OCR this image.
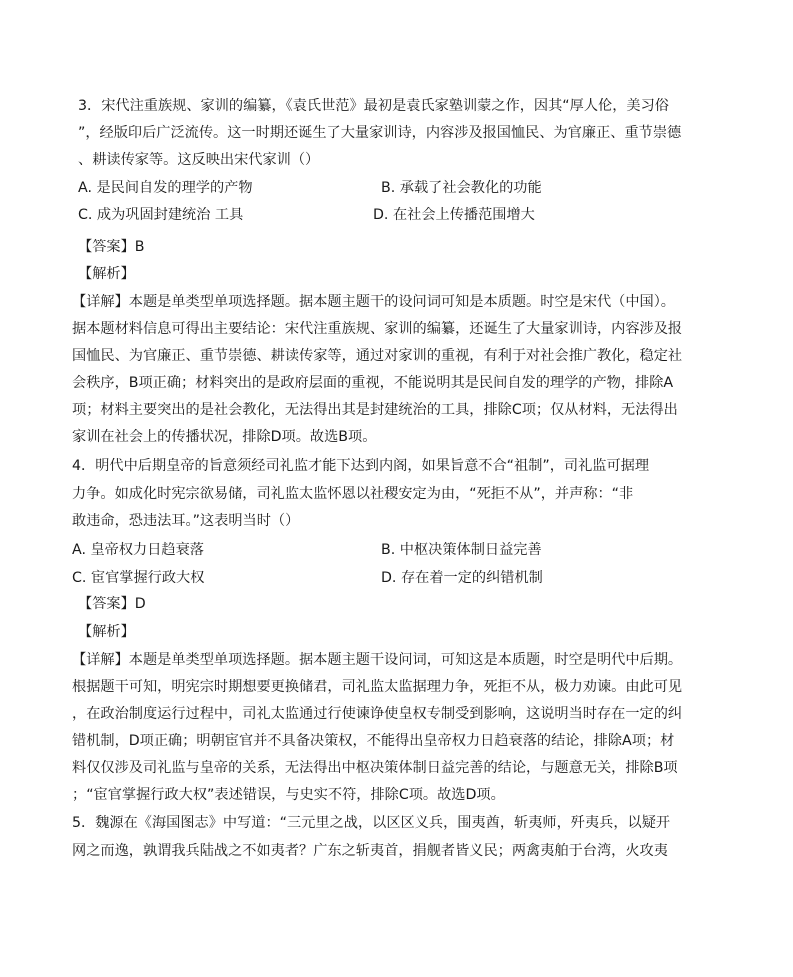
3．宋代注重族规、家训的编纂，《袁氏世范》最初是袁氏家塾训蒙之作，因其“厚人伦，美习俗
”，经版印后广泛流传。这一时期还诞生了大量家训诗，内容涉及报国恤民、为官廉正、重节崇德
、耕读传家等。这反映出宋代家训（）
A. 是民间自发的理学的产物	B. 承载了社会教化的功能
C. 成为巩固封建统治 工具	D. 在社会上传播范围增大
【答案】B
【解析】
【详解】本题是单类型单项选择题。据本题主题干的设问词可知是本质题。时空是宋代（中国）。
据本题材料信息可得出主要结论：宋代注重族规、家训的编纂，还诞生了大量家训诗，内容涉及报
国恤民、为官廉正、重节崇德、耕读传家等，通过对家训的重视，有利于对社会推广教化，稳定社
会秩序，B项正确；材料突出的是政府层面的重视，不能说明其是民间自发的理学的产物，排除A
项；材料主要突出的是社会教化，无法得出其是封建统治的工具，排除C项；仅从材料，无法得出
家训在社会上的传播状况，排除D项。故选B项。
4．明代中后期皇帝的旨意须经司礼监才能下达到内阁，如果旨意不合“祖制”，司礼监可据理
力争。如成化时宪宗欲易储，司礼监太监怀恩以社稷安定为由，“死拒不从”，并声称：“非
敢违命，恐违法耳。”这表明当时（）
A. 皇帝权力日趋衰落	B. 中枢决策体制日益完善
C. 宦官掌握行政大权	D. 存在着一定的纠错机制
【答案】D
【解析】
【详解】本题是单类型单项选择题。据本题主题干设问词，可知这是本质题，时空是明代中后期。
根据题干可知，明宪宗时期想要更换储君，司礼监太监据理力争，死拒不从，极力劝谏。由此可见
，在政治制度运行过程中，司礼太监通过行使谏诤使皇权专制受到影响，这说明当时存在一定的纠
错机制，D项正确；明朝宦官并不具备决策权，不能得出皇帝权力日趋衰落的结论，排除A项；材
料仅仅涉及司礼监与皇帝的关系，无法得出中枢决策体制日益完善的结论，与题意无关，排除B项
；“宦官掌握行政大权”表述错误，与史实不符，排除C项。故选D项。
5．魏源在《海国图志》中写道：“三元里之战，以区区义兵，围夷酋，斩夷师，歼夷兵，以疑开
网之而逸，孰谓我兵陆战之不如夷者？广东之斩夷首，捐舰者皆义民；两禽夷舶于台湾，火攻夷
